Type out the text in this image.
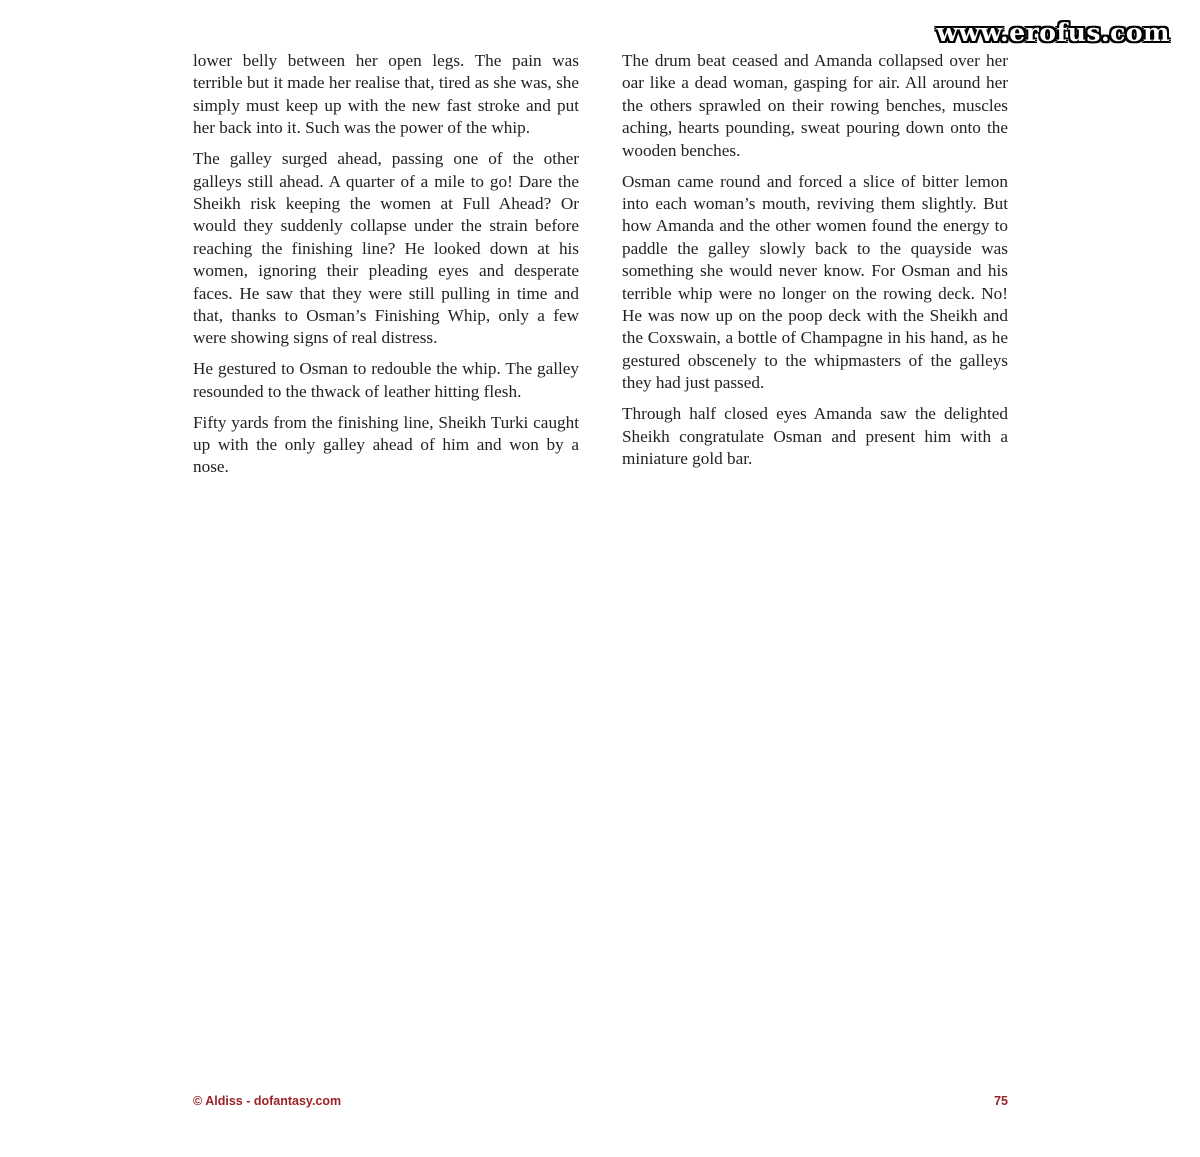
www.erofus.com

lower belly between her open legs. The pain was terrible but it made her realise that, tired as she was, she simply must keep up with the new fast stroke and put her back into it. Such was the power of the whip.

The galley surged ahead, passing one of the other galleys still ahead. A quarter of a mile to go! Dare the Sheikh risk keeping the women at Full Ahead? Or would they suddenly collapse under the strain before reaching the finishing line? He looked down at his women, ignoring their pleading eyes and desperate faces. He saw that they were still pulling in time and that, thanks to Osman’s Finishing Whip, only a few were showing signs of real distress.

He gestured to Osman to redouble the whip. The galley resounded to the thwack of leather hitting flesh.

Fifty yards from the finishing line, Sheikh Turki caught up with the only galley ahead of him and won by a nose.

The drum beat ceased and Amanda collapsed over her oar like a dead woman, gasping for air. All around her the others sprawled on their rowing benches, muscles aching, hearts pounding, sweat pouring down onto the wooden benches.

Osman came round and forced a slice of bitter lemon into each woman’s mouth, reviving them slightly. But how Amanda and the other women found the energy to paddle the galley slowly back to the quayside was something she would never know. For Osman and his terrible whip were no longer on the rowing deck. No! He was now up on the poop deck with the Sheikh and the Coxswain, a bottle of Champagne in his hand, as he gestured obscenely to the whipmasters of the galleys they had just passed.

Through half closed eyes Amanda saw the delighted Sheikh congratulate Osman and present him with a miniature gold bar.

© Aldiss - dofantasy.com	75
